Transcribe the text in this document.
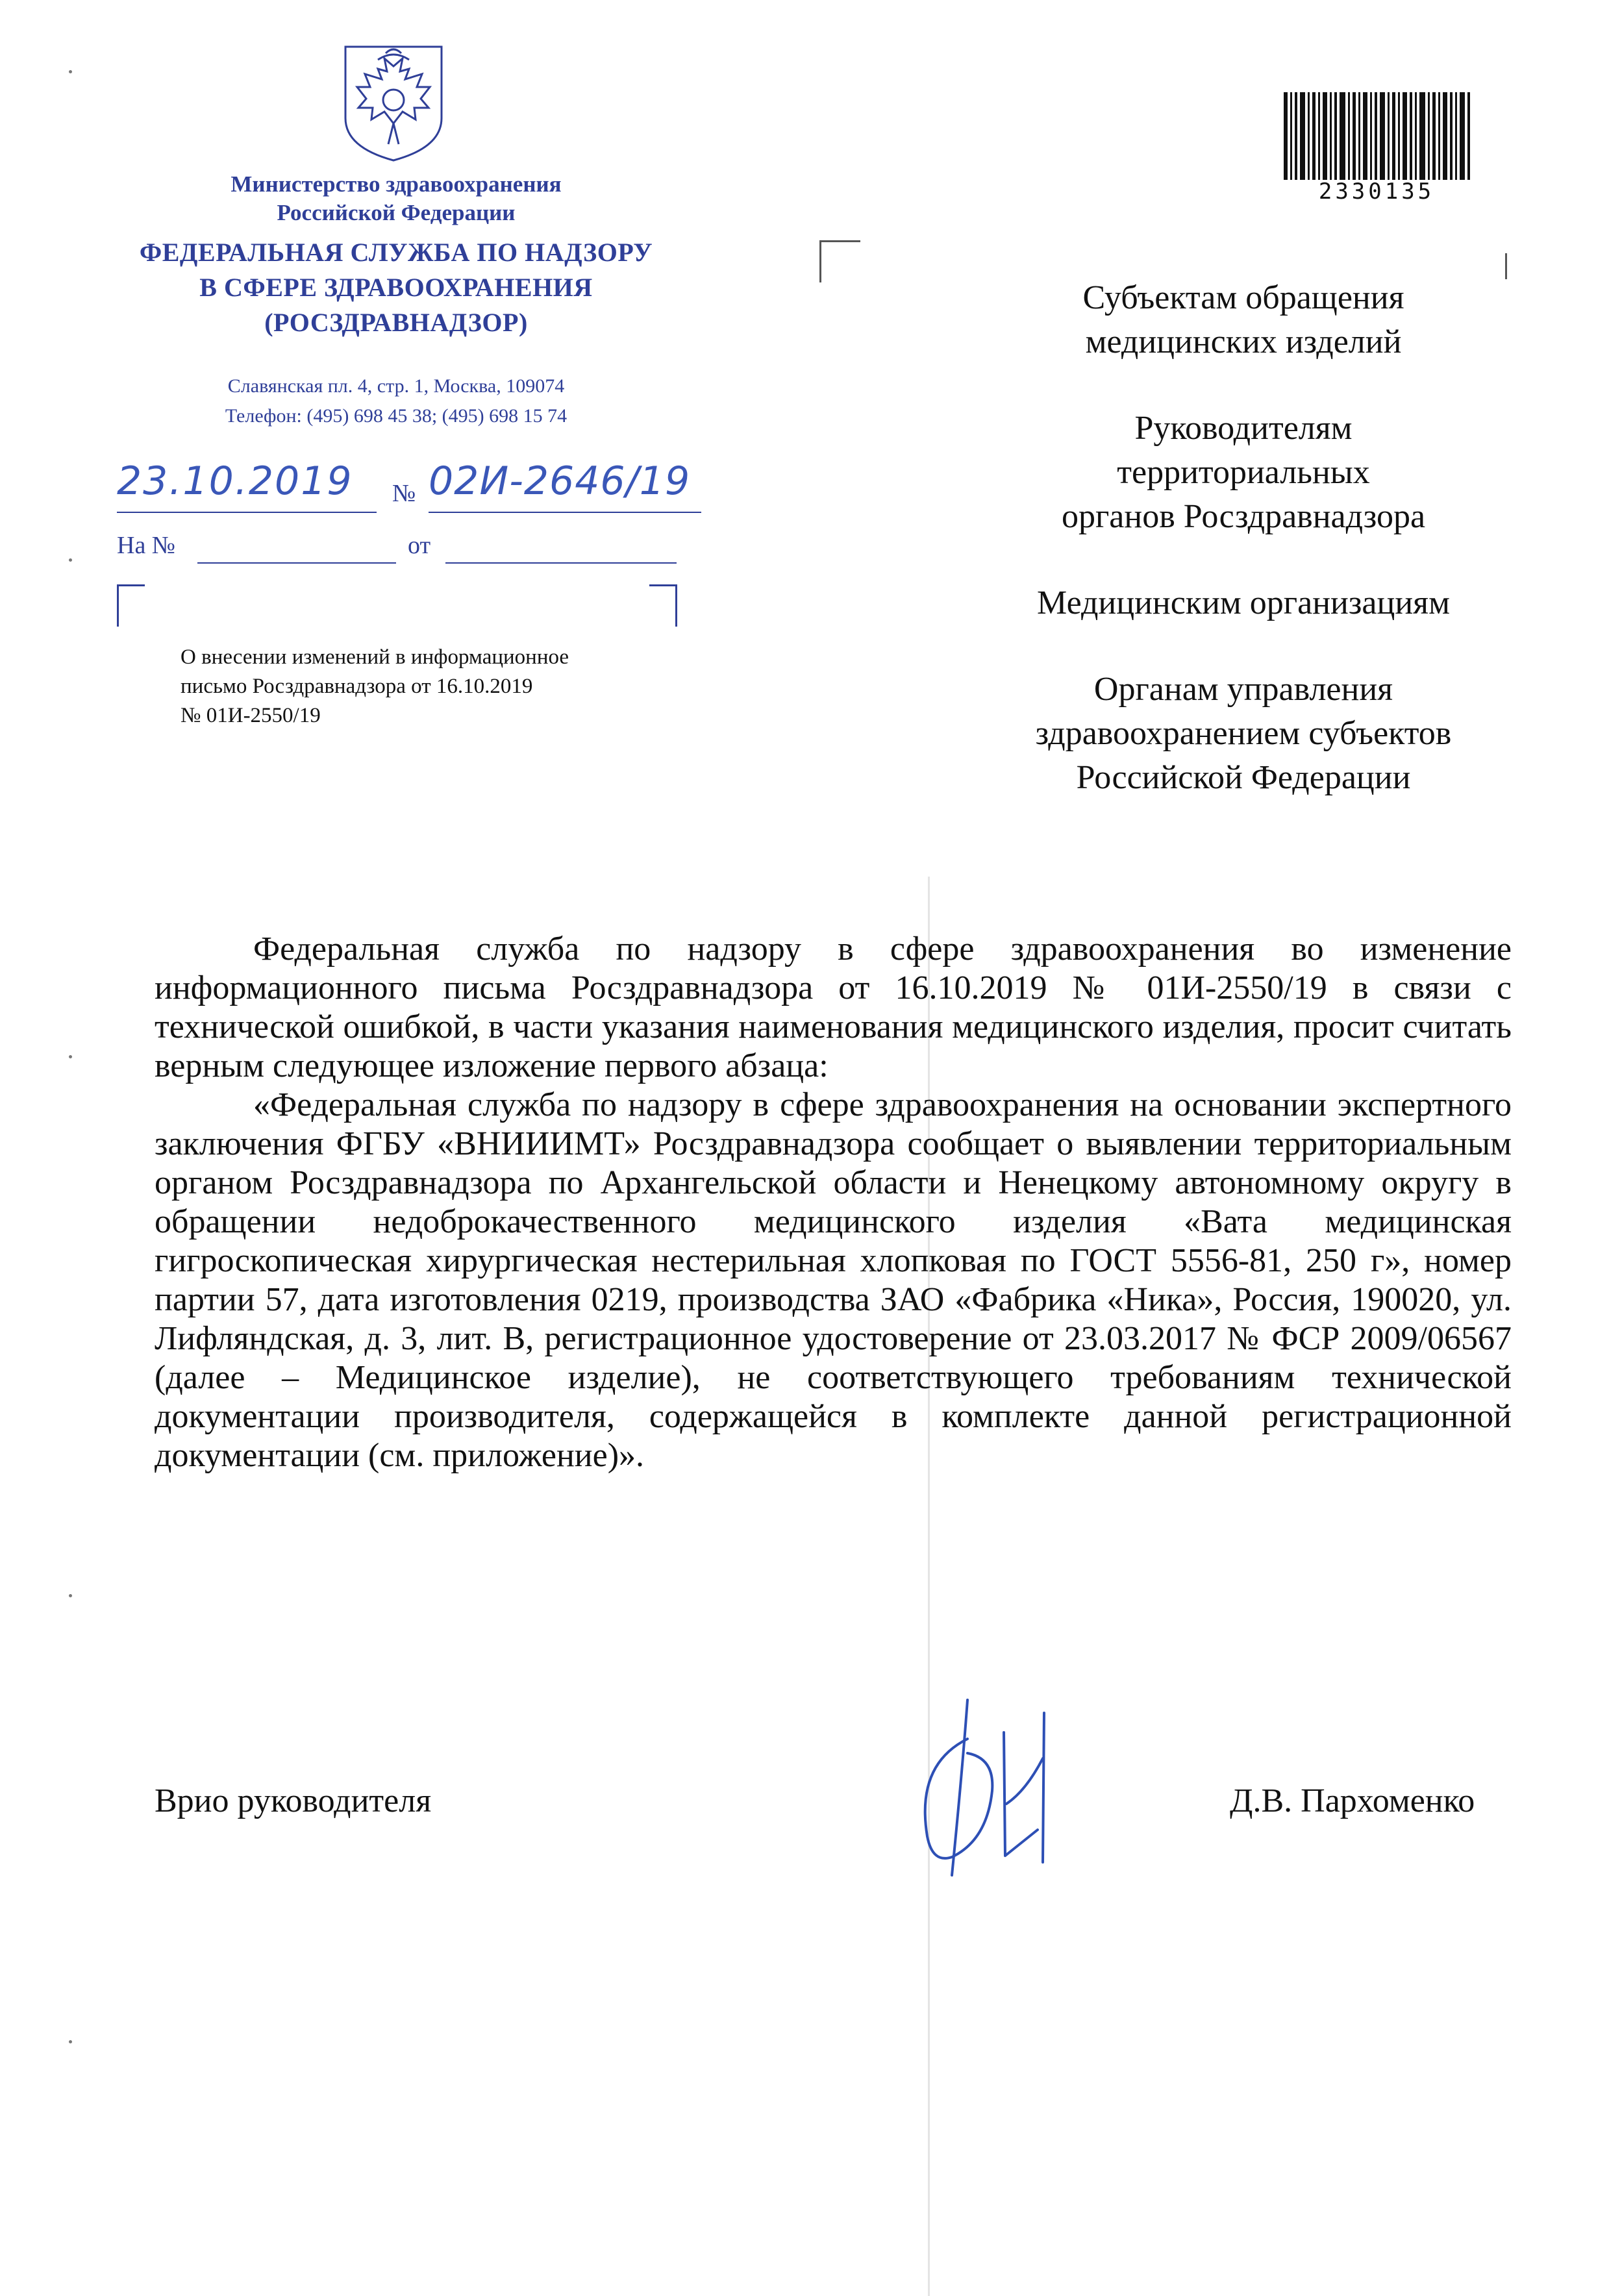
Министерство здравоохранения
Российской Федерации
ФЕДЕРАЛЬНАЯ СЛУЖБА ПО НАДЗОРУ
В СФЕРЕ ЗДРАВООХРАНЕНИЯ
(РОСЗДРАВНАДЗОР)
Славянская пл. 4, стр. 1, Москва, 109074
Телефон: (495) 698 45 38; (495) 698 15 74
23.10.2019	№ 02И-2646/19
На №	от
О внесении изменений в информационное
письмо Росздравнадзора от 16.10.2019
№ 01И-2550/19
2330135

Субъектам обращения
медицинских изделий

Руководителям
территориальных
органов Росздравнадзора

Медицинским организациям

Органам управления
здравоохранением субъектов
Российской Федерации

Федеральная служба по надзору в сфере здравоохранения во изменение информационного письма Росздравнадзора от 16.10.2019 № 01И-2550/19 в связи с технической ошибкой, в части указания наименования медицинского изделия, просит считать верным следующее изложение первого абзаца:

«Федеральная служба по надзору в сфере здравоохранения на основании экспертного заключения ФГБУ «ВНИИИМТ» Росздравнадзора сообщает о выявлении территориальным органом Росздравнадзора по Архангельской области и Ненецкому автономному округу в обращении недоброкачественного медицинского изделия «Вата медицинская гигроскопическая хирургическая нестерильная хлопковая по ГОСТ 5556-81, 250 г», номер партии 57, дата изготовления 0219, производства ЗАО «Фабрика «Ника», Россия, 190020, ул. Лифляндская, д. 3, лит. В, регистрационное удостоверение от 23.03.2017 № ФСР 2009/06567 (далее – Медицинское изделие), не соответствующего требованиям технической документации производителя, содержащейся в комплекте данной регистрационной документации (см. приложение)».

Врио руководителя	Д.В. Пархоменко
